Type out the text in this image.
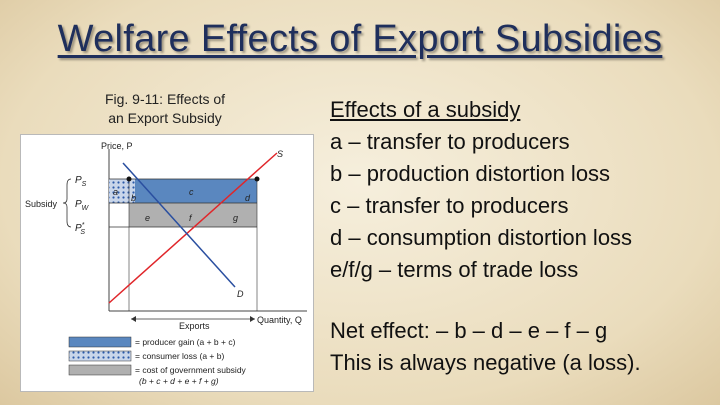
Welfare Effects of Export Subsidies
Fig. 9-11: Effects of
an Export Subsidy
Price, P
Quantity, Q
a
b
c
d
e	f	g
S
D
$P_S$
$P_W$
P* S
Subsidy
Exports
= producer gain (a + b + c)
= consumer loss (a + b)
= cost of government subsidy
(b + c + d + e + f + g)
Effects of a subsidy
a – transfer to producers
b – production distortion loss
c – transfer to producers
d – consumption distortion loss
e/f/g – terms of trade loss
Net effect: – b – d – e – f – g
This is always negative (a loss).
